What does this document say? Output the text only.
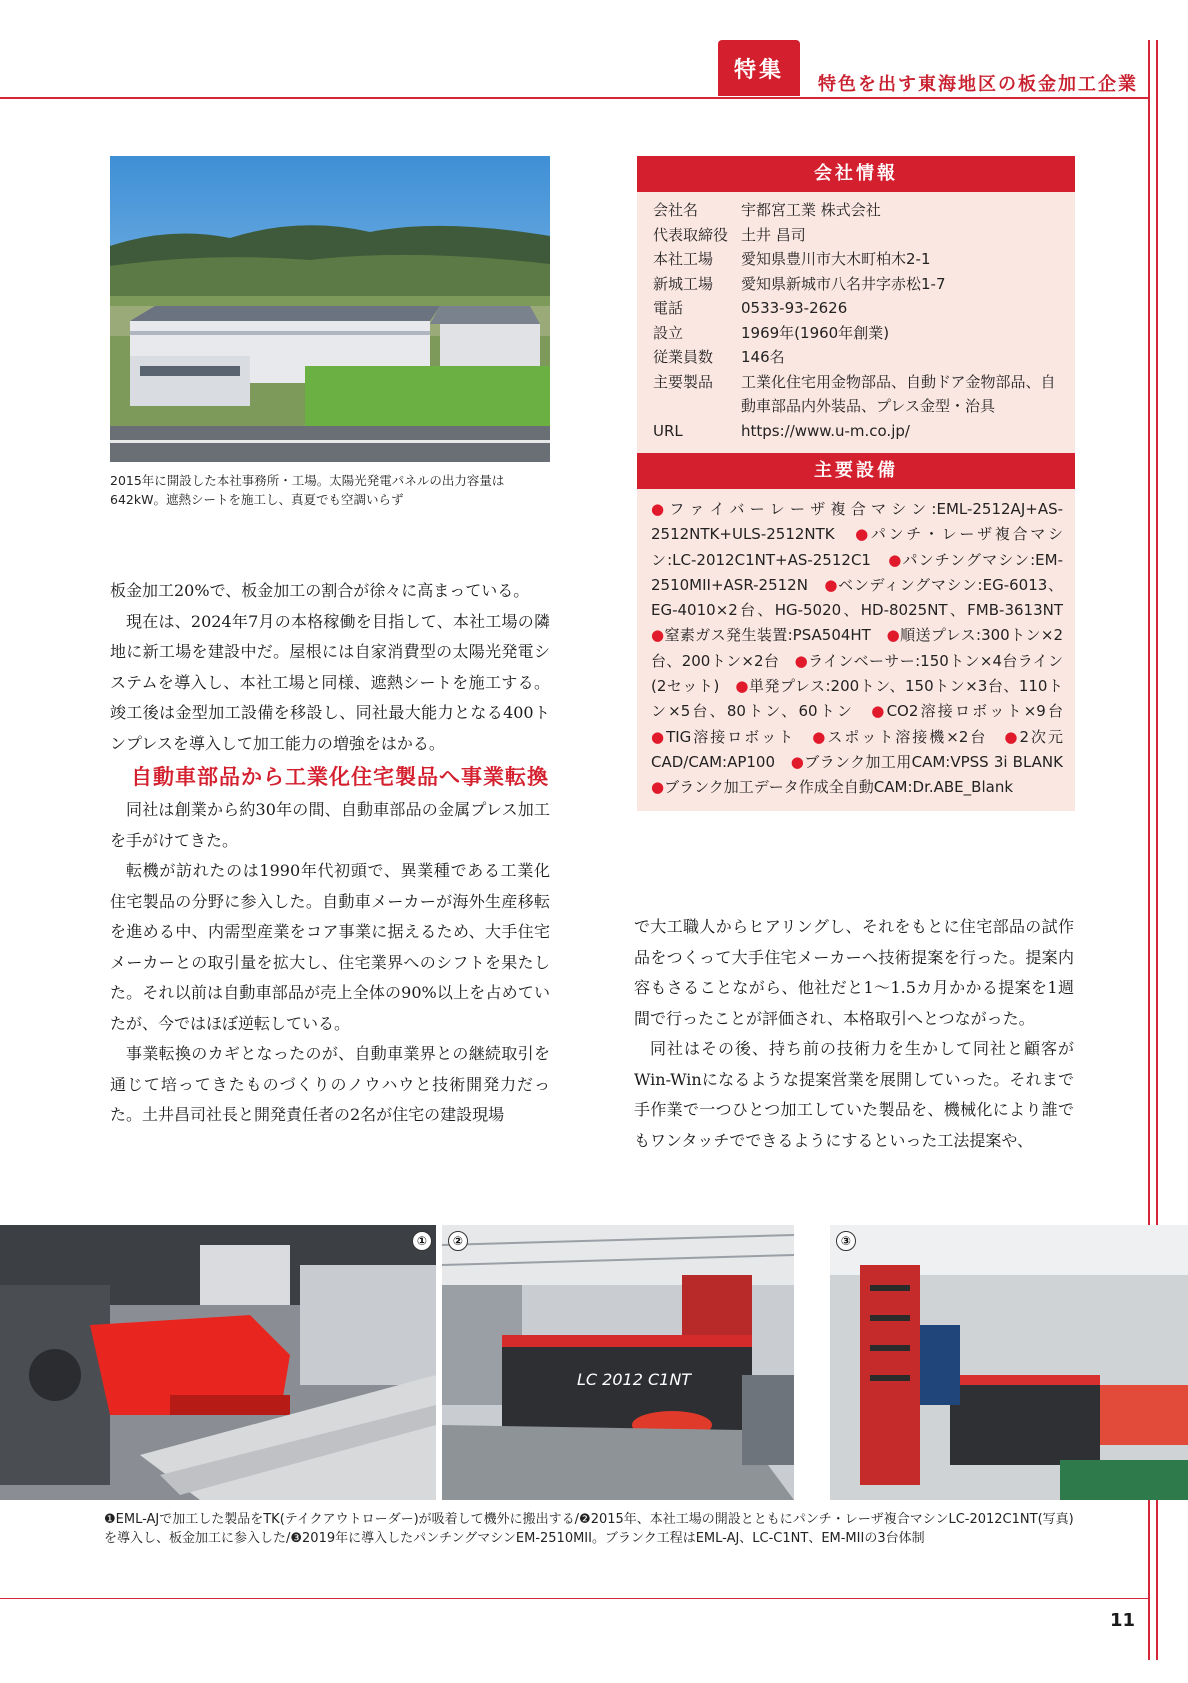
特集
特色を出す東海地区の板金加工企業
2015年に開設した本社事務所・工場。太陽光発電パネルの出力容量は642kW。遮熱シートを施工し、真夏でも空調いらず

板金加工20%で、板金加工の割合が徐々に高まっている。

現在は、2024年7月の本格稼働を目指して、本社工場の隣地に新工場を建設中だ。屋根には自家消費型の太陽光発電システムを導入し、本社工場と同様、遮熱シートを施工する。竣工後は金型加工設備を移設し、同社最大能力となる400トンプレスを導入して加工能力の増強をはかる。

自動車部品から工業化住宅製品へ事業転換

同社は創業から約30年の間、自動車部品の金属プレス加工を手がけてきた。

転機が訪れたのは1990年代初頭で、異業種である工業化住宅製品の分野に参入した。自動車メーカーが海外生産移転を進める中、内需型産業をコア事業に据えるため、大手住宅メーカーとの取引量を拡大し、住宅業界へのシフトを果たした。それ以前は自動車部品が売上全体の90%以上を占めていたが、今ではほぼ逆転している。

事業転換のカギとなったのが、自動車業界との継続取引を通じて培ってきたものづくりのノウハウと技術開発力だった。土井昌司社長と開発責任者の2名が住宅の建設現場

会社情報
会社名	宇都宮工業 株式会社
代表取締役 土井 昌司
本社工場	愛知県豊川市大木町柏木2-1
新城工場	愛知県新城市八名井字赤松1-7
電話	0533-93-2626
設立	1969年(1960年創業)
従業員数	146名
主要製品	工業化住宅用金物部品、自動ドア金物部品、自動車部品内外装品、プレス金型・治具
URL	https://www.u-m.co.jp/
主要設備
●ファイバーレーザ複合マシン:EML-2512AJ+AS-2512NTK+ULS-2512NTK　 ●パンチ・レーザ複合マシン:LC-2012C1NT+AS-2512C1　 ●パンチングマシン:EM-2510MII+ASR-2512N　 ●ベンディングマシン:EG-6013、EG-4010×2台、HG-5020、HD-8025NT、FMB-3613NT　●窒素ガス発生装置:PSA504HT　 ●順送プレス:300トン×2台、200トン×2台　 ●ラインベーサー:150トン×4台ライン(2セット)　 ●単発プレス:200トン、150トン×3台、110トン×5台、80トン、60トン　 ●CO2溶接ロボット×9台　●TIG溶接ロボット　 ●スポット溶接機×2台　 ●2次元CAD/CAM:AP100　 ●ブランク加工用CAM:VPSS 3i BLANK　●ブランク加工データ作成全自動CAM:Dr.ABE_Blank

で大工職人からヒアリングし、それをもとに住宅部品の試作品をつくって大手住宅メーカーへ技術提案を行った。提案内容もさることながら、他社だと1〜1.5カ月かかる提案を1週間で行ったことが評価され、本格取引へとつながった。

同社はその後、持ち前の技術力を生かして同社と顧客がWin-Winになるような提案営業を展開していった。それまで手作業で一つひとつ加工していた製品を、機械化により誰でもワンタッチでできるようにするといった工法提案や、

①
LC 2012 C1NT
②	③
❶EML-AJで加工した製品をTK(テイクアウトローダー)が吸着して機外に搬出する/❷2015年、本社工場の開設とともにパンチ・レーザ複合マシンLC-2012C1NT(写真)を導入し、板金加工に参入した/❸2019年に導入したパンチングマシンEM-2510MII。ブランク工程はEML-AJ、LC-C1NT、EM-MIIの3台体制
11
